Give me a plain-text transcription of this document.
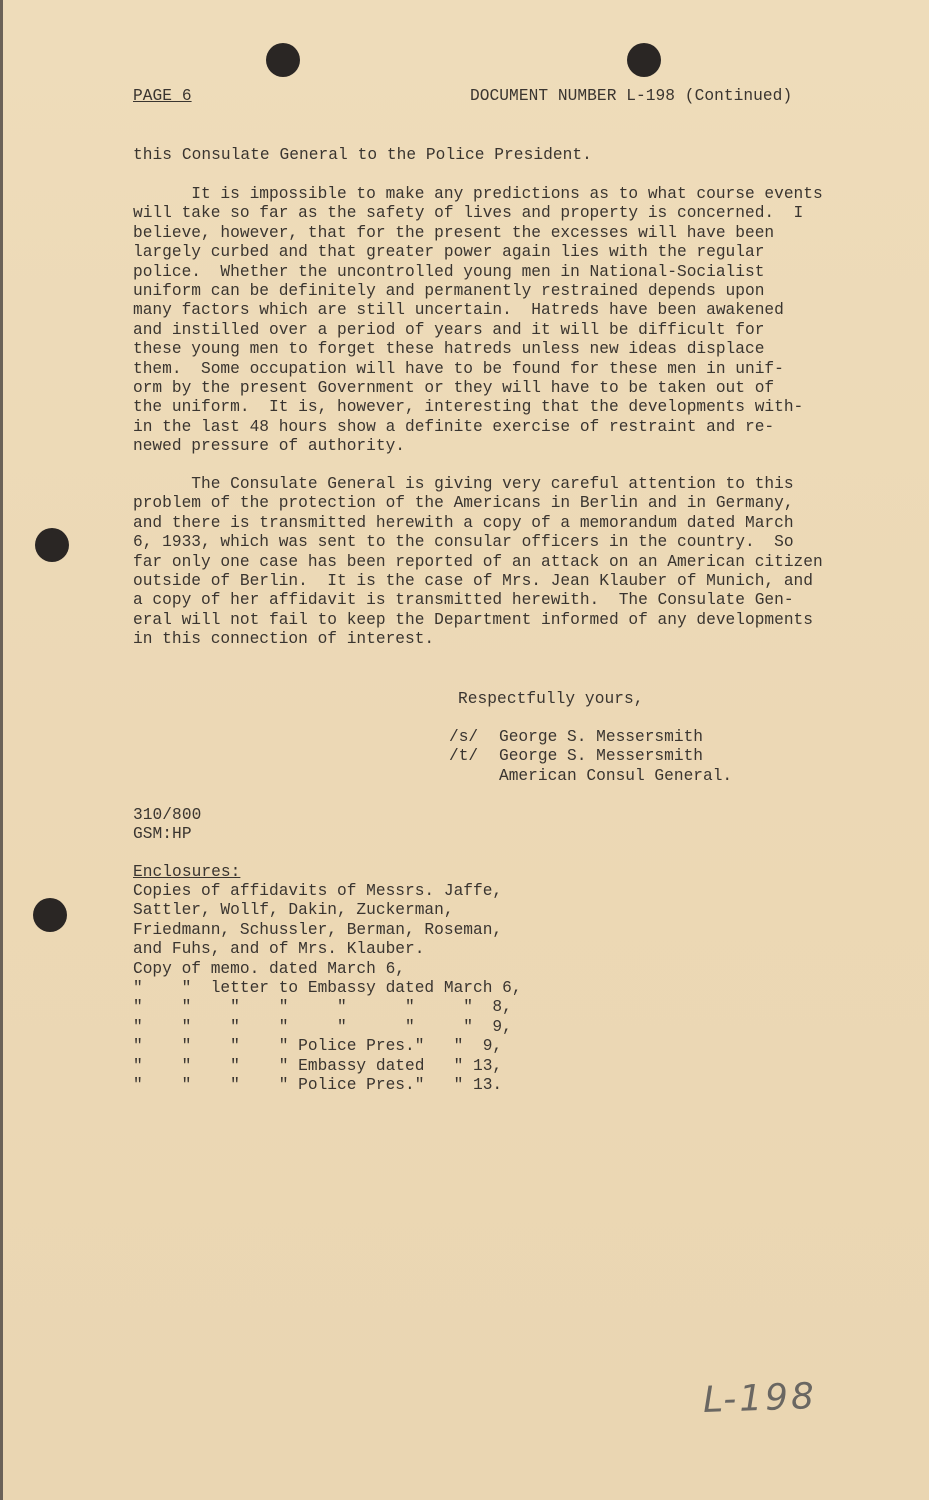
PAGE 6	DOCUMENT NUMBER L-198 (Continued)
this Consulate General to the Police President.
It is impossible to make any predictions as to what course events
will take so far as the safety of lives and property is concerned.  I
believe, however, that for the present the excesses will have been
largely curbed and that greater power again lies with the regular
police.  Whether the uncontrolled young men in National-Socialist
uniform can be definitely and permanently restrained depends upon
many factors which are still uncertain.  Hatreds have been awakened
and instilled over a period of years and it will be difficult for
these young men to forget these hatreds unless new ideas displace
them.  Some occupation will have to be found for these men in unif-
orm by the present Government or they will have to be taken out of
the uniform.  It is, however, interesting that the developments with-
in the last 48 hours show a definite exercise of restraint and re-
newed pressure of authority.
The Consulate General is giving very careful attention to this
problem of the protection of the Americans in Berlin and in Germany,
and there is transmitted herewith a copy of a memorandum dated March
6, 1933, which was sent to the consular officers in the country.  So
far only one case has been reported of an attack on an American citizen
outside of Berlin.  It is the case of Mrs. Jean Klauber of Munich, and
a copy of her affidavit is transmitted herewith.  The Consulate Gen-
eral will not fail to keep the Department informed of any developments
in this connection of interest.
Respectfully yours,
/s/
/t/
George S. Messersmith
George S. Messersmith
American Consul General.
310/800
GSM:HP
Enclosures:
Copies of affidavits of Messrs. Jaffe,
Sattler, Wollf, Dakin, Zuckerman,
Friedmann, Schussler, Berman, Roseman,
and Fuhs, and of Mrs. Klauber.
Copy of memo. dated March 6,
"    "  letter to Embassy dated March 6,
"    "    "    "     "      "     "  8,
"    "    "    "     "      "     "  9,
"    "    "    " Police Pres."   "  9,
"    "    "    " Embassy dated   " 13,
"    "    "    " Police Pres."   " 13.
L-198
